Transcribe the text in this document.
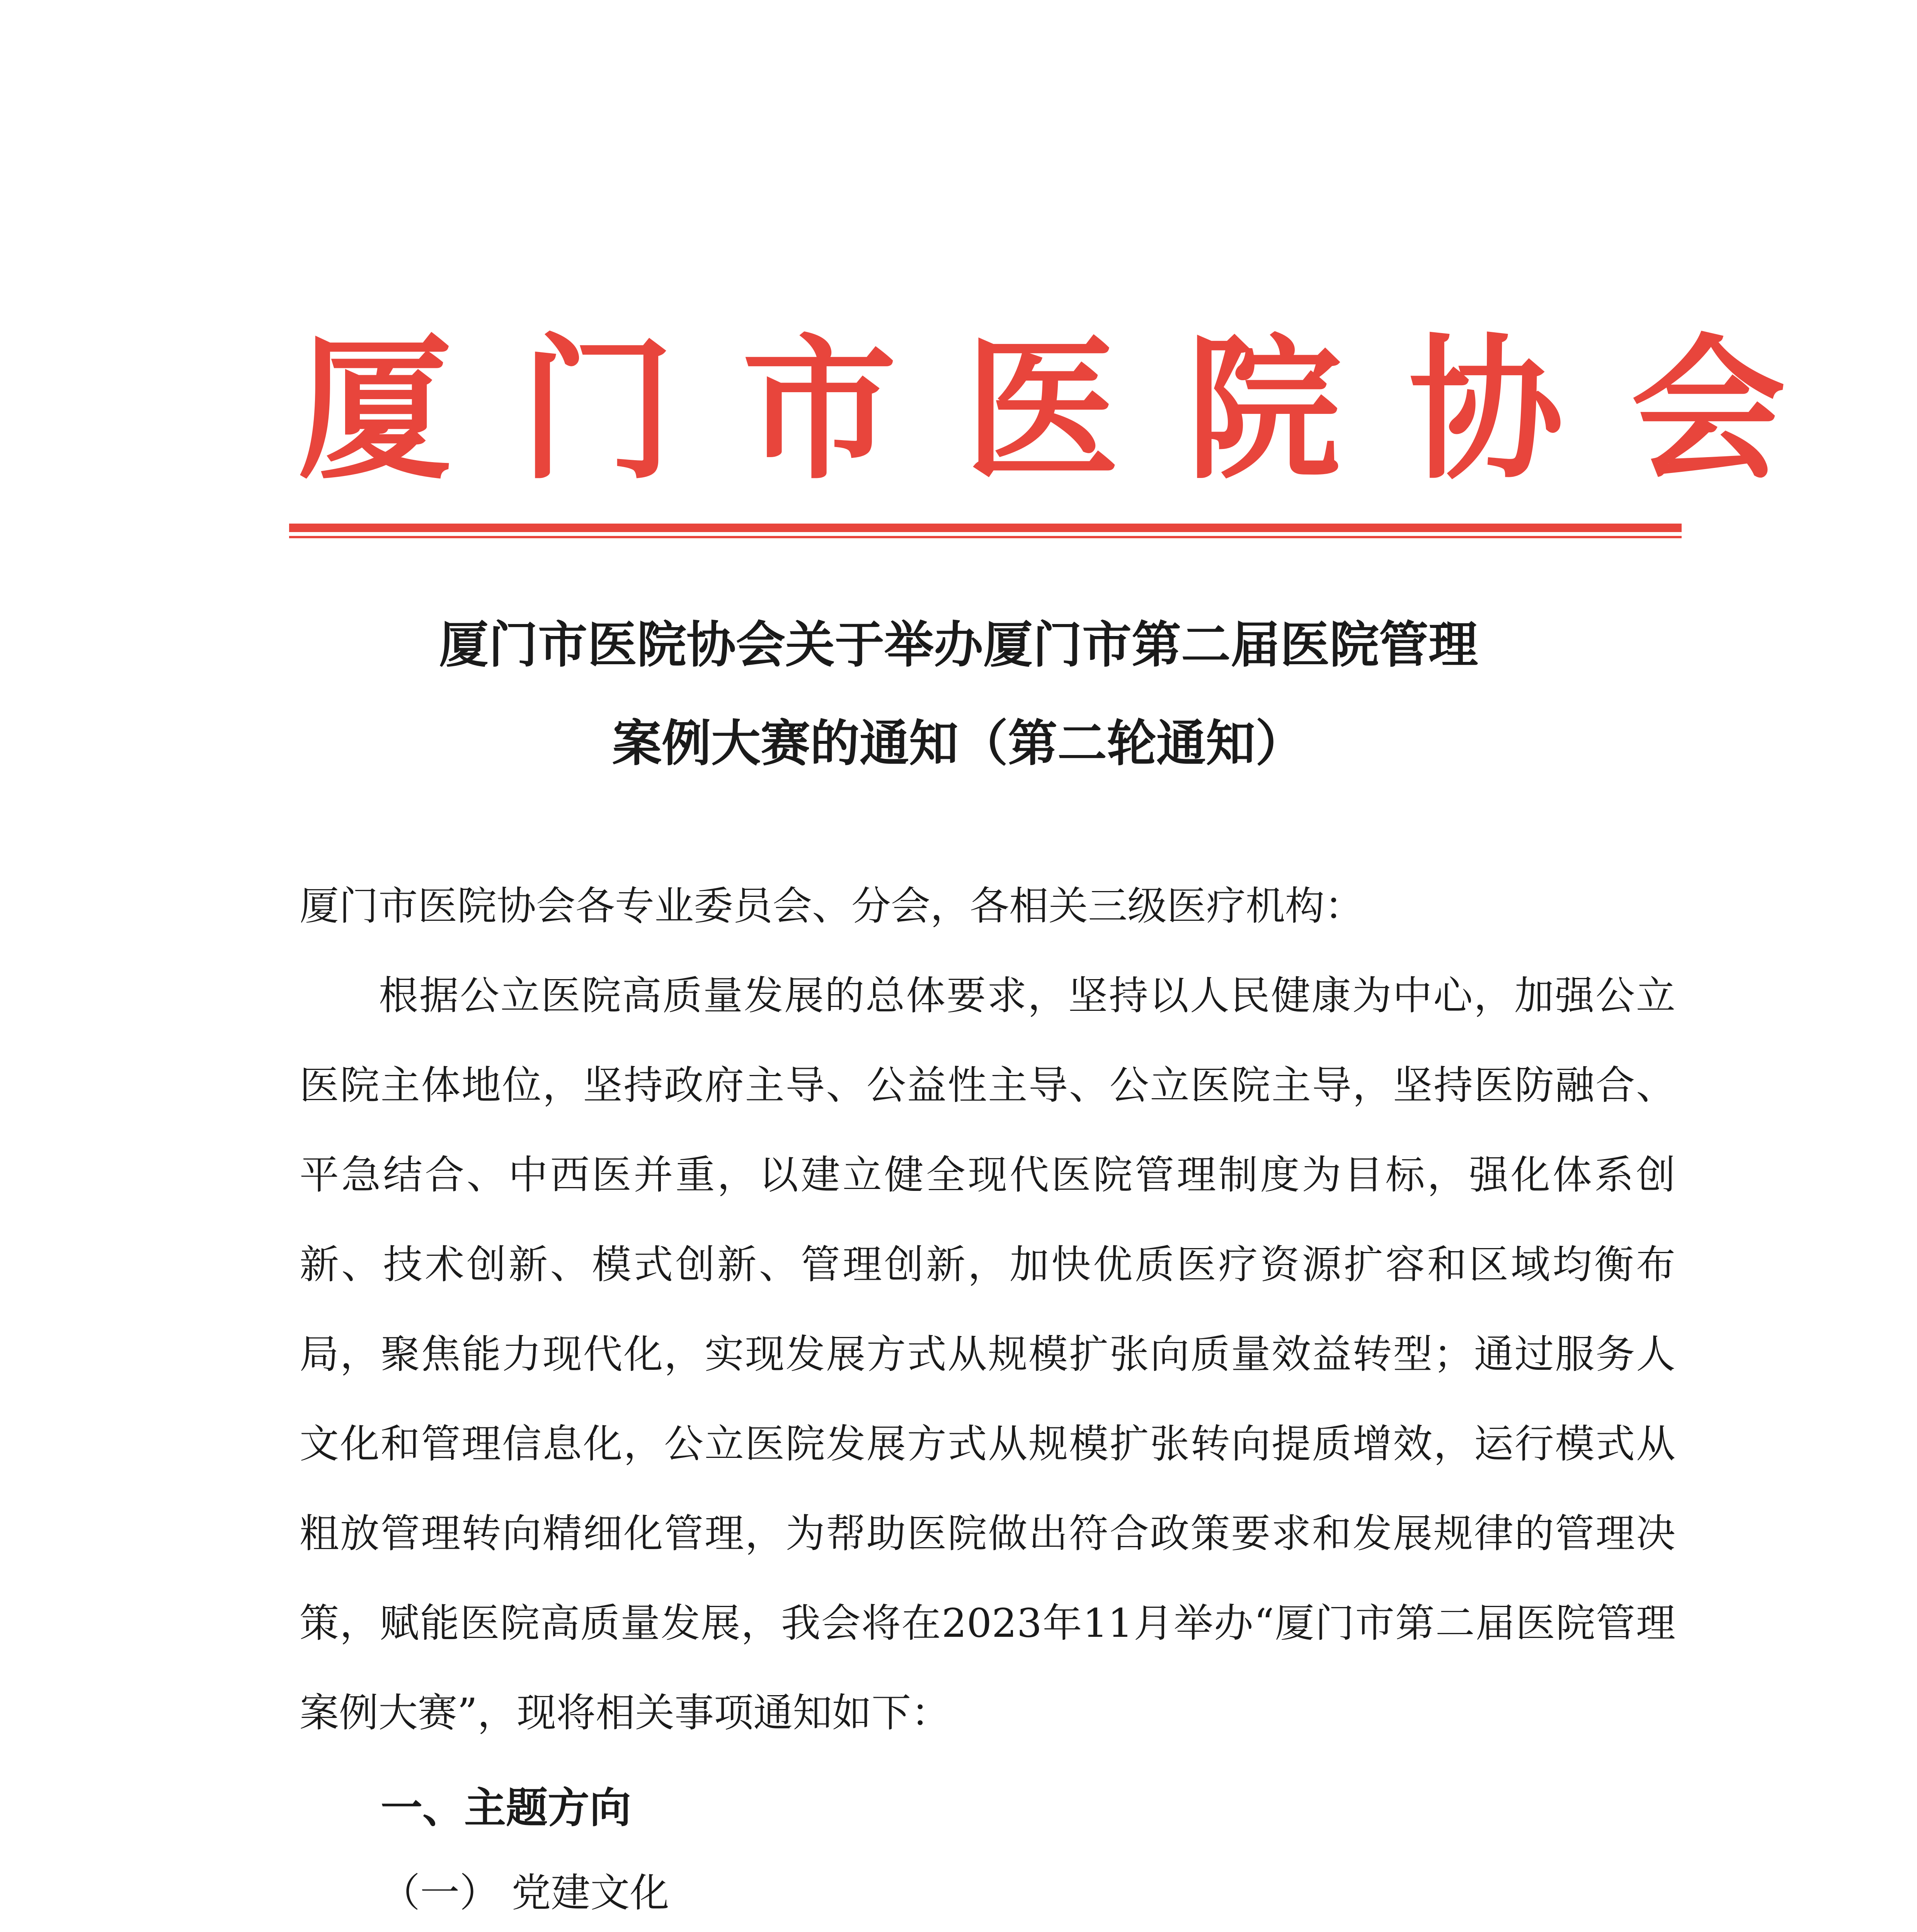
厦门市医院协会
厦门市医院协会关于举办厦门市第二届医院管理
案例大赛的通知（第二轮通知）

厦门市医院协会各专业委员会、分会，各相关三级医疗机构：

根据公立医院高质量发展的总体要求，坚持以人民健康为中心，加强公立医院主体地位，坚持政府主导、公益性主导、公立医院主导，坚持医防融合、平急结合、中西医并重，以建立健全现代医院管理制度为目标，强化体系创新、技术创新、模式创新、管理创新，加快优质医疗资源扩容和区域均衡布局，聚焦能力现代化，实现发展方式从规模扩张向质量效益转型；通过服务人文化和管理信息化，公立医院发展方式从规模扩张转向提质增效，运行模式从粗放管理转向精细化管理，为帮助医院做出符合政策要求和发展规律的管理决策，赋能医院高质量发展，我会将在2023年11月举办“厦门市第二届医院管理案例大赛”，现将相关事项通知如下：

一、主题方向
（一） 党建文化
